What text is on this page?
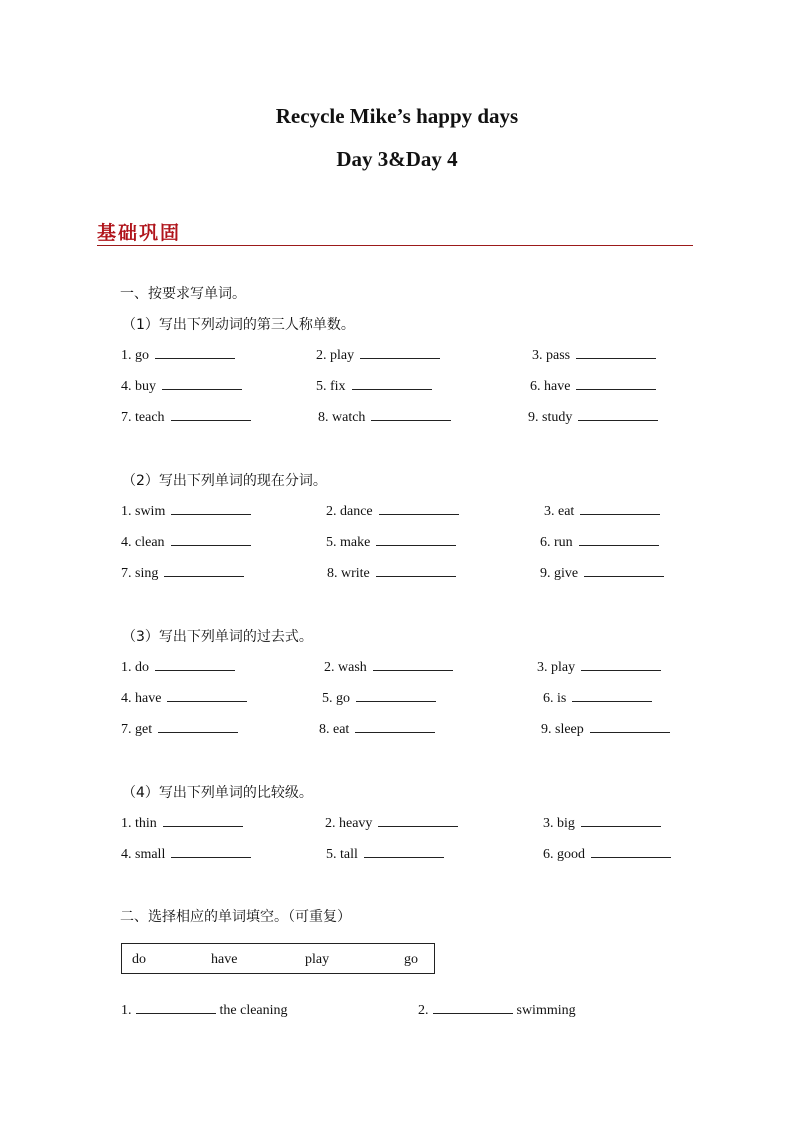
Recycle Mike’s happy days
Day 3&Day 4
基础巩固
一、按要求写单词。
（1）写出下列动词的第三人称单数。
1. go	2. play	3. pass
4. buy	5. fix	6. have
7. teach	8. watch	9. study
（2）写出下列单词的现在分词。
1. swim	2. dance	3. eat
4. clean	5. make	6. run
7. sing	8. write	9. give
（3）写出下列单词的过去式。
1. do	2. wash	3. play
4. have	5. go	6. is
7. get	8. eat	9. sleep
（4）写出下列单词的比较级。
1. thin	2. heavy	3. big
4. small	5. tall	6. good
二、选择相应的单词填空。（可重复）
do	have	play	go
1.	the cleaning	2.	swimming
